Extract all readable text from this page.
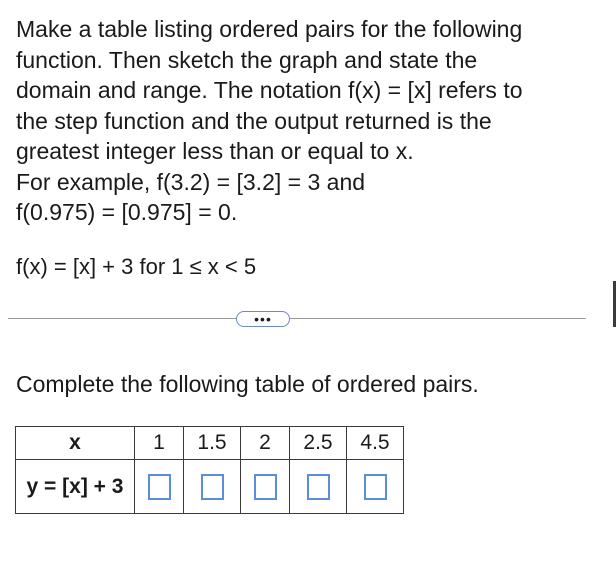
Make a table listing ordered pairs for the following

function. Then sketch the graph and state the

domain and range. The notation f(x) = [x] refers to

the step function and the output returned is the

greatest integer less than or equal to x.

For example, f(3.2) = [3.2] = 3 and

f(0.975) = [0.975] = 0.

f(x) = [x] + 3 for 1 ≤ x < 5
•••
Complete the following table of ordered pairs.
x	1	1.5	2	2.5	4.5
y = [x] + 3					
